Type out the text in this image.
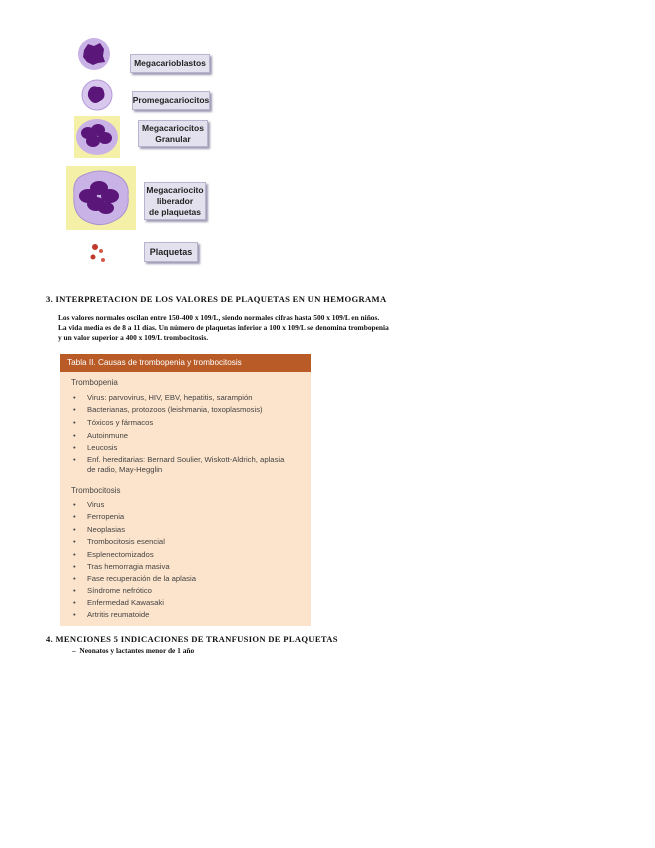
Megacarioblastos
Promegacariocitos
Megacariocitos
Granular
Megacariocito
liberador
de plaquetas
Plaquetas
3. INTERPRETACION DE LOS VALORES DE PLAQUETAS EN UN HEMOGRAMA
Los valores normales oscilan entre 150-400 x 109/L, siendo normales cifras hasta 500 x 109/L en niños.
La vida media es de 8 a 11 días. Un número de plaquetas inferior a 100 x 109/L se denomina trombopenia
y un valor superior a 400 x 109/L trombocitosis.
Tabla II. Causas de trombopenia y trombocitosis
Trombopenia
• Virus: parvovirus, HIV, EBV, hepatitis, sarampión
• Bacterianas, protozoos (leishmania, toxoplasmosis)
• Tóxicos y fármacos
• Autoinmune
• Leucosis
• Enf. hereditarias: Bernard Soulier, Wiskott-Aldrich, aplasia
de radio, May-Hegglin
Trombocitosis
• Virus
• Ferropenia
• Neoplasias
• Trombocitosis esencial
• Esplenectomizados
• Tras hemorragia masiva
• Fase recuperación de la aplasia
• Síndrome nefrótico
• Enfermedad Kawasaki
• Artritis reumatoide
4. MENCIONES 5 INDICACIONES DE TRANFUSION DE PLAQUETAS
– Neonatos y lactantes menor de 1 año
